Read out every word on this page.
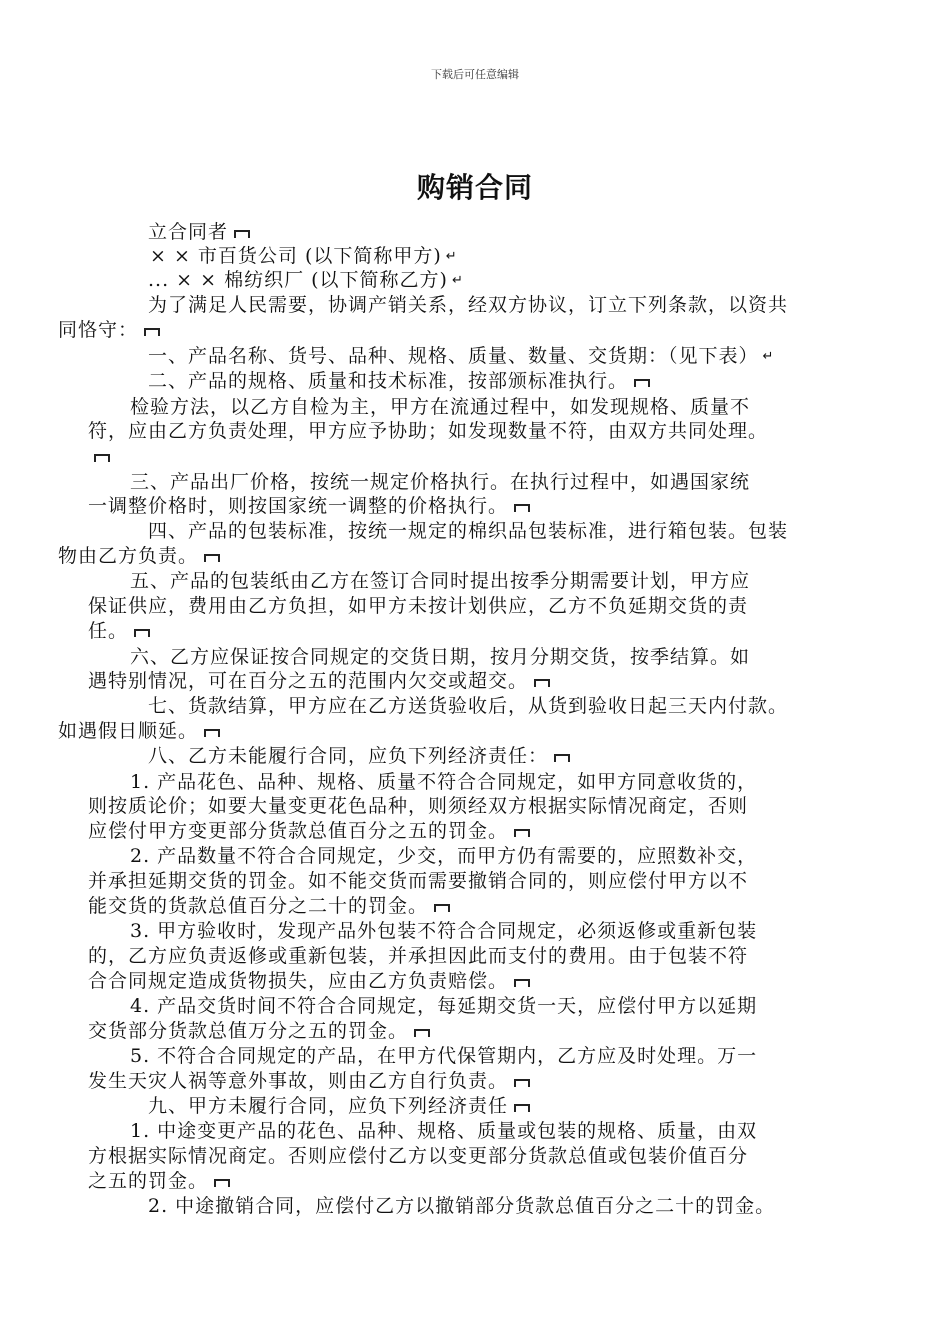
下载后可任意编辑
购销合同
立合同者
× × 市百货公司 (以下简称甲方) ↵
... × × 棉纺织厂 (以下简称乙方) ↵
为了满足人民需要，协调产销关系，经双方协议，订立下列条款，以资共
同恪守：
一、产品名称、货号、品种、规格、质量、数量、交货期：（见下表） ↵
二、产品的规格、质量和技术标准，按部颁标准执行。
检验方法，以乙方自检为主，甲方在流通过程中，如发现规格、质量不
符，应由乙方负责处理，甲方应予协助；如发现数量不符，由双方共同处理。
三、产品出厂价格，按统一规定价格执行。在执行过程中，如遇国家统
一调整价格时，则按国家统一调整的价格执行。
四、产品的包装标准，按统一规定的棉织品包装标准，进行箱包装。包装
物由乙方负责。
五、产品的包装纸由乙方在签订合同时提出按季分期需要计划，甲方应
保证供应，费用由乙方负担，如甲方未按计划供应，乙方不负延期交货的责
任。
六、乙方应保证按合同规定的交货日期，按月分期交货，按季结算。如
遇特别情况，可在百分之五的范围内欠交或超交。
七、货款结算，甲方应在乙方送货验收后，从货到验收日起三天内付款。
如遇假日顺延。
八、乙方未能履行合同，应负下列经济责任：
1. 产品花色、品种、规格、质量不符合合同规定，如甲方同意收货的，
则按质论价；如要大量变更花色品种，则须经双方根据实际情况商定，否则
应偿付甲方变更部分货款总值百分之五的罚金。
2. 产品数量不符合合同规定，少交，而甲方仍有需要的，应照数补交，
并承担延期交货的罚金。如不能交货而需要撤销合同的，则应偿付甲方以不
能交货的货款总值百分之二十的罚金。
3. 甲方验收时，发现产品外包装不符合合同规定，必须返修或重新包装
的，乙方应负责返修或重新包装，并承担因此而支付的费用。由于包装不符
合合同规定造成货物损失，应由乙方负责赔偿。
4. 产品交货时间不符合合同规定，每延期交货一天，应偿付甲方以延期
交货部分货款总值万分之五的罚金。
5. 不符合合同规定的产品，在甲方代保管期内，乙方应及时处理。万一
发生天灾人祸等意外事故，则由乙方自行负责。
九、甲方未履行合同，应负下列经济责任
1. 中途变更产品的花色、品种、规格、质量或包装的规格、质量，由双
方根据实际情况商定。否则应偿付乙方以变更部分货款总值或包装价值百分
之五的罚金。
2. 中途撤销合同，应偿付乙方以撤销部分货款总值百分之二十的罚金。
